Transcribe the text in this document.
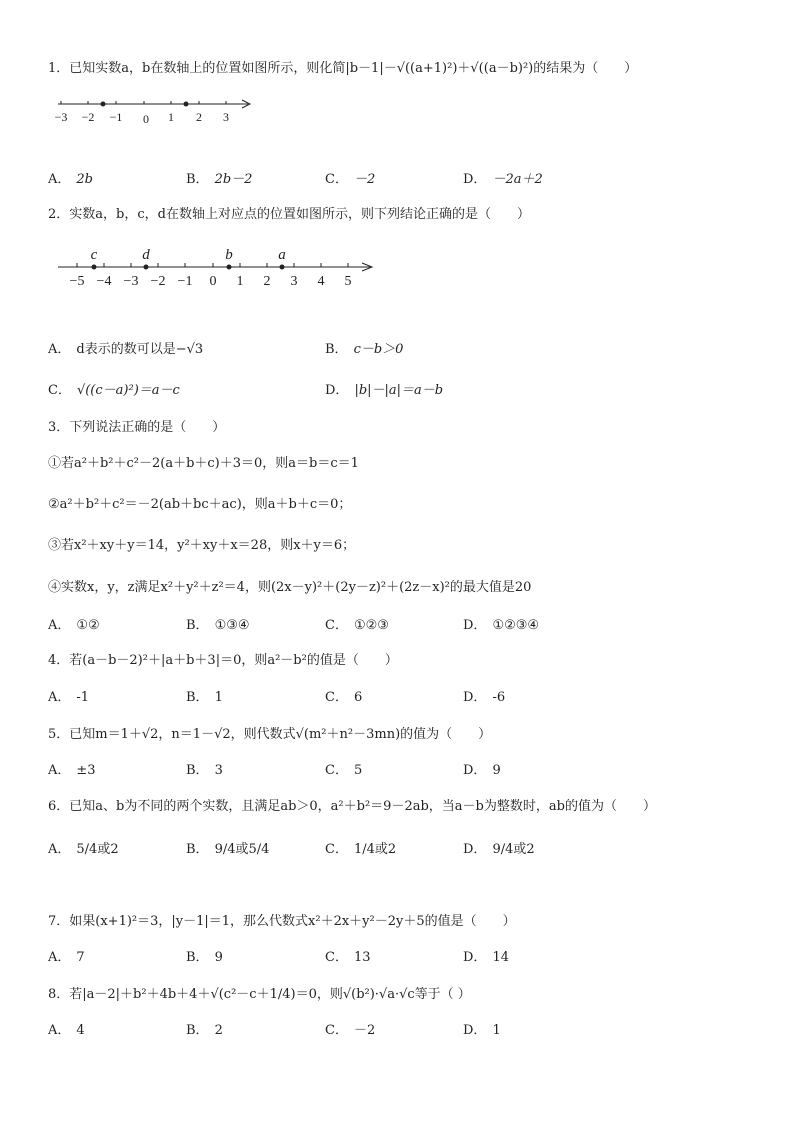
1．已知实数a，b在数轴上的位置如图所示，则化简|b－1|－√((a+1)²)＋√((a－b)²)的结果为（　　）
−3 −2 −1 0 1 2 3
A． 2b	B． 2b－2	C． －2	D． －2a＋2
2．实数a，b，c，d在数轴上对应点的位置如图所示，则下列结论正确的是（　　）
c	d	b	a
−5 −4 −3 −2 −1 0 1 2 3 4 5
A． d表示的数可以是−√3	B． c－b＞0
C． √((c－a)²)＝a－c	D． |b|－|a|＝a－b
3．下列说法正确的是（　　）
①若a²＋b²＋c²－2(a＋b＋c)＋3＝0，则a＝b＝c＝1
②a²＋b²＋c²＝－2(ab＋bc＋ac)，则a＋b＋c＝0；
③若x²＋xy＋y＝14，y²＋xy＋x＝28，则x＋y＝6；
④实数x，y，z满足x²＋y²＋z²＝4，则(2x－y)²＋(2y－z)²＋(2z－x)²的最大值是20
A． ①②	B． ①③④	C． ①②③	D． ①②③④
4．若(a－b－2)²＋|a＋b＋3|＝0，则a²－b²的值是（　　）
A． -1	B． 1	C． 6	D． -6
5．已知m＝1＋√2，n＝1－√2，则代数式√(m²＋n²－3mn)的值为（　　）
A． ±3	B． 3	C． 5	D． 9
6．已知a、b为不同的两个实数，且满足ab＞0，a²＋b²＝9－2ab，当a－b为整数时，ab的值为（　　）
A． 5/4或2	B． 9/4或5/4	C． 1/4或2	D． 9/4或2
7．如果(x+1)²＝3，|y－1|＝1，那么代数式x²＋2x＋y²－2y＋5的值是（　　）
A． 7	B． 9	C． 13	D． 14
8．若|a－2|＋b²＋4b＋4＋√(c²－c＋1/4)＝0，则√(b²)·√a·√c等于（ ）
A． 4	B． 2	C． －2	D． 1
